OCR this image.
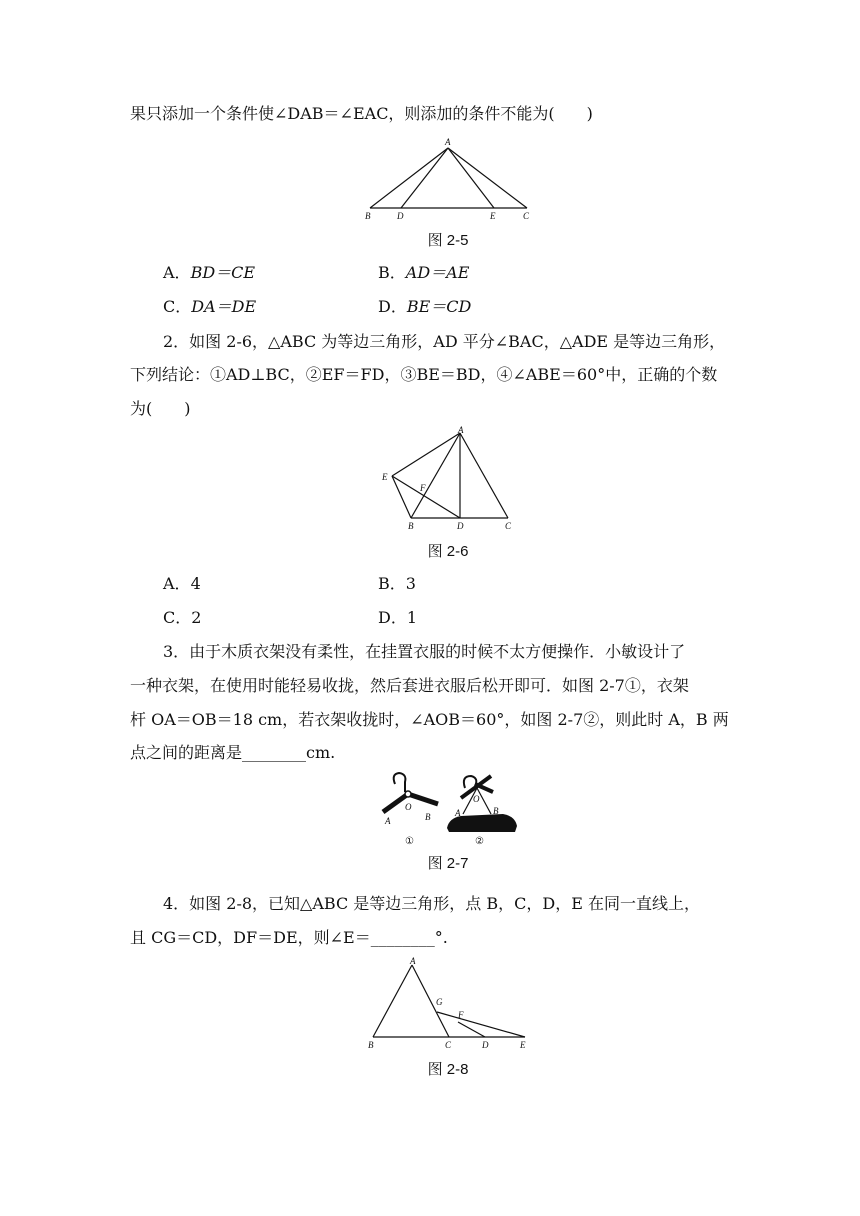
果只添加一个条件使∠DAB＝∠EAC，则添加的条件不能为(　　)
A
B	D	E	C
图 2-5
A．BD＝CE	B．AD＝AE
C．DA＝DE	D．BE＝CD
2．如图 2-6，△ABC 为等边三角形，AD 平分∠BAC，△ADE 是等边三角形，
下列结论：①AD⊥BC，②EF＝FD，③BE＝BD，④∠ABE＝60°中，正确的个数
为(　　)
A
E
F
B	D	C
图 2-6
A．4	B．3
C．2	D．1
3．由于木质衣架没有柔性，在挂置衣服的时候不太方便操作．小敏设计了
一种衣架，在使用时能轻易收拢，然后套进衣服后松开即可．如图 2-7①，衣架
杆 OA＝OB＝18 cm，若衣架收拢时，∠AOB＝60°，如图 2-7②，则此时 A，B 两
点之间的距离是________cm.
O
B
A
①
O
A	B
②
图 2-7
4．如图 2-8，已知△ABC 是等边三角形，点 B，C，D，E 在同一直线上，
且 CG＝CD，DF＝DE，则∠E＝________°.
A
G
F
B	C	D	E
图 2-8
